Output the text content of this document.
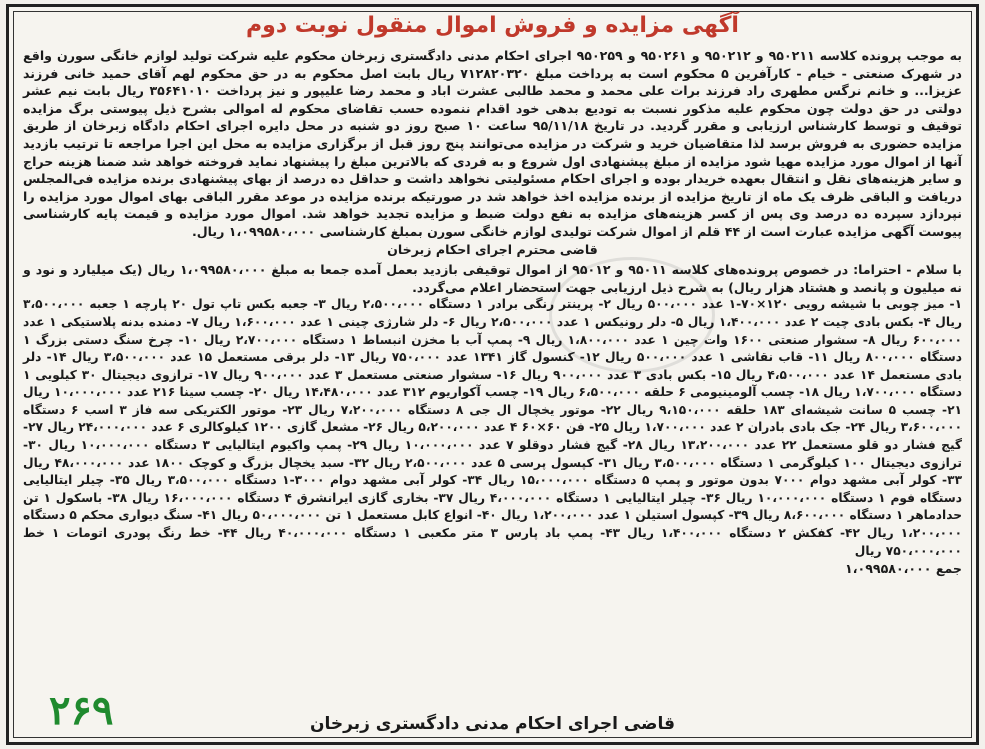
آگهی مزایده و فروش اموال منقول نوبت دوم

به موجب پرونده کلاسه ۹۵۰۲۱۱ و ۹۵۰۲۱۲ و ۹۵۰۲۶۱ و ۹۵۰۲۵۹ اجرای احکام مدنی دادگستری زبرخان محکوم علیه شرکت تولید لوازم خانگی سورن واقع در شهرک صنعتی - خیام - کارآفرین ۵ محکوم است به پرداخت مبلغ ۷۱۲۸۲۰۳۲۰ ریال بابت اصل محکوم به در حق محکوم لهم آقای حمید خانی فرزند عزیزا... و خانم نرگس مطهری راد فرزند برات علی محمد و محمد طالبی عشرت اباد و محمد رضا علیپور و نیز پرداخت ۳۵۶۴۱۰۱۰ ریال بابت نیم عشر دولتی در حق دولت چون محکوم علیه مذکور نسبت به تودیع بدهی خود اقدام ننموده حسب تقاضای محکوم له اموالی بشرح ذیل پیوستی برگ مزایده توقیف و توسط کارشناس ارزیابی و مقرر گردید. در تاریخ ۹۵/۱۱/۱۸ ساعت ۱۰ صبح روز دو شنبه در محل دایره اجرای احکام دادگاه زبرخان از طریق مزایده حضوری به فروش برسد لذا متقاضیان خرید و شرکت در مزایده می‌توانند پنج روز قبل از برگزاری مزایده به محل این اجرا مراجعه تا ترتیب بازدید آنها از اموال مورد مزایده مهیا شود مزایده از مبلغ پیشنهادی اول شروع و به فردی که بالاترین مبلغ را پیشنهاد نماید فروخته خواهد شد ضمنا هزینه حراج و سایر هزینه‌های نقل و انتقال بعهده خریدار بوده و اجرای احکام مسئولیتی نخواهد داشت و حداقل ده درصد از بهای پیشنهادی برنده مزایده فی‌المجلس دریافت و الباقی ظرف یک ماه از تاریخ مزایده از برنده مزایده اخذ خواهد شد در صورتیکه برنده مزایده در موعد مقرر الباقی بهای اموال مورد مزایده را نپردازد سپرده ده درصد وی پس از کسر هزینه‌های مزایده به نفع دولت ضبط و مزایده تجدید خواهد شد. اموال مورد مزایده و قیمت پایه کارشناسی پیوست آگهی مزایده عبارت است از ۴۴ قلم از اموال شرکت تولیدی لوازم خانگی سورن بمبلغ کارشناسی ۱،۰۹۹۵۸۰،۰۰۰ ریال.

قاضی محترم اجرای احکام زبرخان

با سلام - احتراما: در خصوص پرونده‌های کلاسه ۹۵۰۱۱ و ۹۵۰۱۲ از اموال توقیفی بازدید بعمل آمده جمعا به مبلغ ۱،۰۹۹۵۸۰،۰۰۰ ریال (یک میلیارد و نود و نه میلیون و پانصد و هشتاد هزار ریال) به شرح ذیل ارزیابی جهت استحضار اعلام می‌گردد.

۱- میز چوبی با شیشه رویی ۱۲۰×۷۰-۱ عدد ۵۰۰،۰۰۰ ریال ۲- پرینتر رنگی برادر ۱ دستگاه ۲،۵۰۰،۰۰۰ ریال ۳- جعبه بکس تاپ تول ۲۰ پارچه ۱ جعبه ۳،۵۰۰،۰۰۰ ریال ۴- بکس بادی چیت ۲ عدد ۱،۴۰۰،۰۰۰ ریال ۵- دلر رونیکس ۱ عدد ۲،۵۰۰،۰۰۰ ریال ۶- دلر شارژی چینی ۱ عدد ۱،۶۰۰،۰۰۰ ریال ۷- دمنده بدنه پلاستیکی ۱ عدد ۶۰۰،۰۰۰ ریال ۸- سشوار صنعتی ۱۶۰۰ وات چین ۱ عدد ۱،۸۰۰،۰۰۰ ریال ۹- پمپ آب با مخزن انبساط ۱ دستگاه ۲،۷۰۰،۰۰۰ ریال ۱۰- چرخ سنگ دستی بزرگ ۱ دستگاه ۸۰۰،۰۰۰ ریال ۱۱- قاب نقاشی ۱ عدد ۵۰۰،۰۰۰ ریال ۱۲- کنسول گاز ۱۳۴۱ عدد ۷۵۰،۰۰۰ ریال ۱۳- دلر برقی مستعمل ۱۵ عدد ۳،۵۰۰،۰۰۰ ریال ۱۴- دلر بادی مستعمل ۱۴ عدد ۴،۵۰۰،۰۰۰ ریال ۱۵- بکس بادی ۳ عدد ۹۰۰،۰۰۰ ریال ۱۶- سشوار صنعتی مستعمل ۳ عدد ۹۰۰،۰۰۰ ریال ۱۷- ترازوی دیجیتال ۳۰ کیلویی ۱ دستگاه ۱،۷۰۰،۰۰۰ ریال ۱۸- چسب آلومینیومی ۶ حلقه ۶،۵۰۰،۰۰۰ ریال ۱۹- چسب آکواریوم ۳۱۲ عدد ۱۴،۴۸۰،۰۰۰ ریال ۲۰- چسب سینا ۲۱۶ عدد ۱۰،۰۰۰،۰۰۰ ریال ۲۱- چسب ۵ سانت شیشه‌ای ۱۸۳ حلقه ۹،۱۵۰،۰۰۰ ریال ۲۲- موتور یخچال ال جی ۸ دستگاه ۷،۲۰۰،۰۰۰ ریال ۲۳- موتور الکتریکی سه فاز ۳ اسب ۶ دستگاه ۳،۶۰۰،۰۰۰ ریال ۲۴- جک بادی بادران ۲ عدد ۱،۷۰۰،۰۰۰ ریال ۲۵- فن ۶۰×۶۰ ۴ عدد ۵،۲۰۰،۰۰۰ ریال ۲۶- مشعل گازی ۱۲۰۰ کیلوکالری ۶ عدد ۲۴،۰۰۰،۰۰۰ ریال ۲۷- گیج فشار دو قلو مستعمل ۲۲ عدد ۱۳،۲۰۰،۰۰۰ ریال ۲۸- گیج فشار دوقلو ۷ عدد ۱۰،۰۰۰،۰۰۰ ریال ۲۹- پمپ واکیوم ایتالیایی ۳ دستگاه ۱۰،۰۰۰،۰۰۰ ریال ۳۰- ترازوی دیجیتال ۱۰۰ کیلوگرمی ۱ دستگاه ۳،۵۰۰،۰۰۰ ریال ۳۱- کپسول پرسی ۵ عدد ۲،۵۰۰،۰۰۰ ریال ۳۲- سبد یخچال بزرگ و کوچک ۱۸۰۰ عدد ۴۸،۰۰۰،۰۰۰ ریال ۳۳- کولر آبی مشهد دوام ۷۰۰۰ بدون موتور و پمپ ۵ دستگاه ۱۵،۰۰۰،۰۰۰ ریال ۳۴- کولر آبی مشهد دوام ۳۰۰۰-۱ دستگاه ۳،۵۰۰،۰۰۰ ریال ۳۵- چیلر ایتالیایی دستگاه فوم ۱ دستگاه ۱۰،۰۰۰،۰۰۰ ریال ۳۶- چیلر ایتالیایی ۱ دستگاه ۴،۰۰۰،۰۰۰ ریال ۳۷- بخاری گازی ایرانشرق ۴ دستگاه ۱۶،۰۰۰،۰۰۰ ریال ۳۸- باسکول ۱ تن حدادماهر ۱ دستگاه ۸،۶۰۰،۰۰۰ ریال ۳۹- کپسول استیلن ۱ عدد ۱،۲۰۰،۰۰۰ ریال ۴۰- انواع کابل مستعمل ۱ تن ۵۰،۰۰۰،۰۰۰ ریال ۴۱- سنگ دیواری محکم ۵ دستگاه ۱،۲۰۰،۰۰۰ ریال ۴۲- کفکش ۲ دستگاه ۱،۴۰۰،۰۰۰ ریال ۴۳- پمپ باد پارس ۳ متر مکعبی ۱ دستگاه ۴۰،۰۰۰،۰۰۰ ریال ۴۴- خط رنگ پودری اتومات ۱ خط ۷۵۰،۰۰۰،۰۰۰ ریال

جمع ۱،۰۹۹۵۸۰،۰۰۰

۲۶۹	قاضی اجرای احکام مدنی دادگستری زبرخان
